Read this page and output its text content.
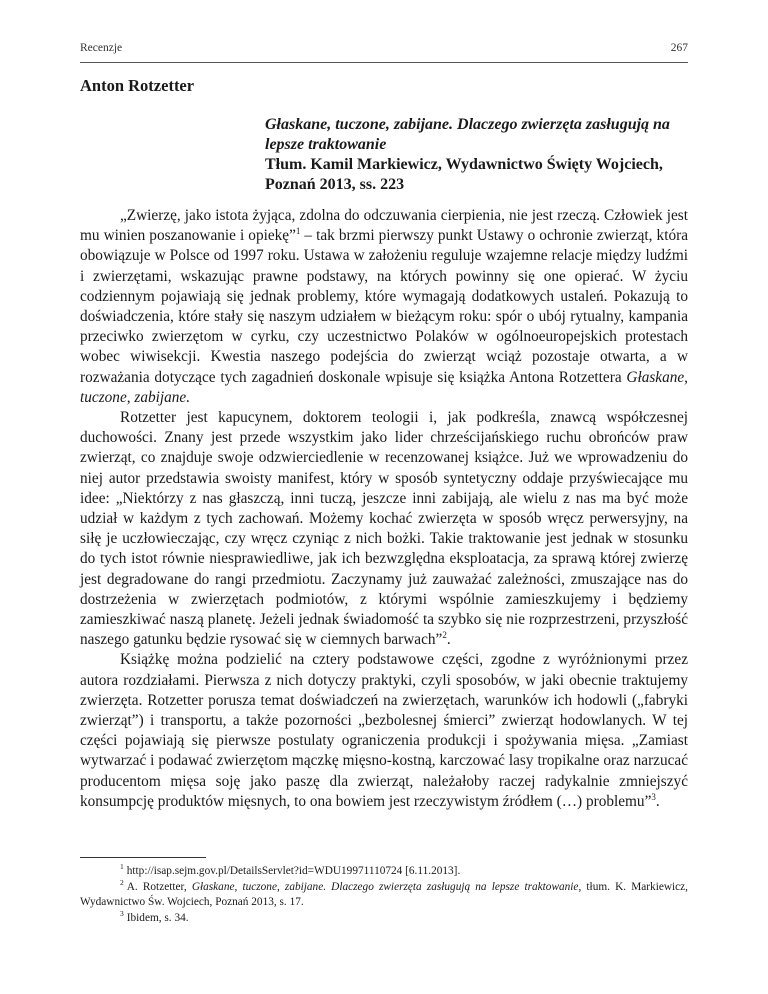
Recenzje	267
Anton Rotzetter
Głaskane, tuczone, zabijane. Dlaczego zwierzęta zasługują na lepsze traktowanie
Tłum. Kamil Markiewicz, Wydawnictwo Święty Wojciech, Poznań 2013, ss. 223

„Zwierzę, jako istota żyjąca, zdolna do odczuwania cierpienia, nie jest rzeczą. Człowiek jest mu winien poszanowanie i opiekę”$^1$ – tak brzmi pierwszy punkt Ustawy o ochronie zwierząt, która obowiązuje w Polsce od 1997 roku. Ustawa w założeniu reguluje wzajemne relacje między ludźmi i zwierzętami, wskazując prawne podstawy, na których powinny się one opierać. W życiu codziennym pojawiają się jednak problemy, które wymagają dodatkowych ustaleń. Pokazują to doświadczenia, które stały się naszym udziałem w bieżącym roku: spór o ubój rytualny, kampania przeciwko zwierzętom w cyrku, czy uczestnictwo Polaków w ogólnoeuropejskich protestach wobec wiwisekcji. Kwestia naszego podejścia do zwierząt wciąż pozostaje otwarta, a w rozważania dotyczące tych zagadnień doskonale wpisuje się książka Antona Rotzettera Głaskane, tuczone, zabijane.

Rotzetter jest kapucynem, doktorem teologii i, jak podkreśla, znawcą współczesnej duchowości. Znany jest przede wszystkim jako lider chrześcijańskiego ruchu obrońców praw zwierząt, co znajduje swoje odzwierciedlenie w recenzowanej książce. Już we wprowadzeniu do niej autor przedstawia swoisty manifest, który w sposób syntetyczny oddaje przyświecające mu idee: „Niektórzy z nas głaszczą, inni tuczą, jeszcze inni zabijają, ale wielu z nas ma być może udział w każdym z tych zachowań. Możemy kochać zwierzęta w sposób wręcz perwersyjny, na siłę je uczłowieczając, czy wręcz czyniąc z nich bożki. Takie traktowanie jest jednak w stosunku do tych istot równie niesprawiedliwe, jak ich bezwzględna eksploatacja, za sprawą której zwierzę jest degradowane do rangi przedmiotu. Zaczynamy już zauważać zależności, zmuszające nas do dostrzeżenia w zwierzętach podmiotów, z którymi wspólnie zamieszkujemy i będziemy zamieszkiwać naszą planetę. Jeżeli jednak świadomość ta szybko się nie rozprzestrzeni, przyszłość naszego gatunku będzie rysować się w ciemnych barwach”$^2$.

Książkę można podzielić na cztery podstawowe części, zgodne z wyróżnionymi przez autora rozdziałami. Pierwsza z nich dotyczy praktyki, czyli sposobów, w jaki obecnie traktujemy zwierzęta. Rotzetter porusza temat doświadczeń na zwierzętach, warunków ich hodowli („fabryki zwierząt”) i transportu, a także pozorności „bezbolesnej śmierci” zwierząt hodowlanych. W tej części pojawiają się pierwsze postulaty ograniczenia produkcji i spożywania mięsa. „Zamiast wytwarzać i podawać zwierzętom mączkę mięsno-kostną, karczować lasy tropikalne oraz narzucać producentom mięsa soję jako paszę dla zwierząt, należałoby raczej radykalnie zmniejszyć konsumpcję produktów mięsnych, to ona bowiem jest rzeczywistym źródłem (…) problemu”$^3$.

$^1$ http://isap.sejm.gov.pl/DetailsServlet?id=WDU19971110724 [6.11.2013].

$^2$ A. Rotzetter, Głaskane, tuczone, zabijane. Dlaczego zwierzęta zasługują na lepsze traktowanie, tłum. K. Markiewicz, Wydawnictwo Św. Wojciech, Poznań 2013, s. 17.

$^3$ Ibidem, s. 34.
